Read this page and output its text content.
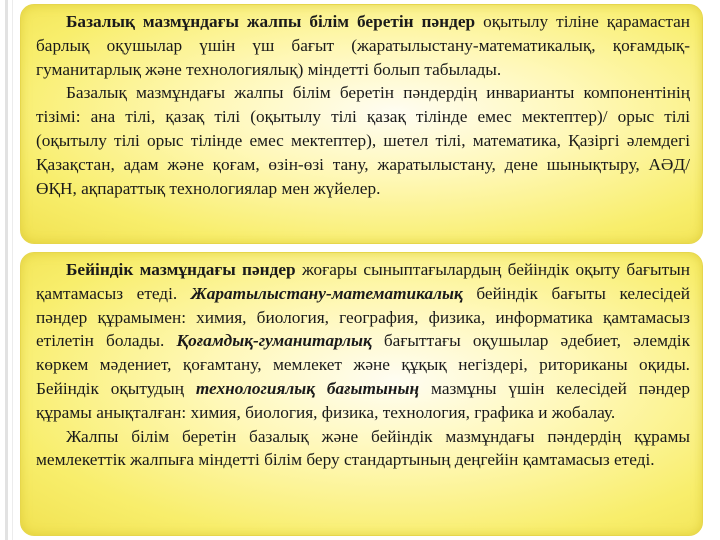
Базалық мазмұндағы жалпы білім беретін пәндер оқытылу тіліне қарамастан барлық оқушылар үшін үш бағыт (жаратылыстану-математикалық, қоғамдық-гуманитарлық және технологиялық) міндетті болып табылады.

Базалық мазмұндағы жалпы білім беретін пәндердің инварианты компонентінің тізімі: ана тілі, қазақ тілі (оқытылу тілі қазақ тілінде емес мектептер)/ орыс тілі (оқытылу тілі орыс тілінде емес мектептер), шетел тілі, математика, Қазіргі әлемдегі Қазақстан, адам және қоғам, өзін-өзі тану, жаратылыстану, дене шынықтыру, АӘД/ӨҚН, ақпараттық технологиялар мен жүйелер.

Бейіндік мазмұндағы пәндер жоғары сыныптағылардың бейіндік оқыту бағытын қамтамасыз етеді. Жаратылыстану-математикалық бейіндік бағыты келесідей пәндер құрамымен: химия, биология, география, физика, информатика қамтамасыз етілетін болады. Қоғамдық-гуманитарлық бағыттағы оқушылар әдебиет, әлемдік көркем мәдениет, қоғамтану, мемлекет және құқық негіздері, риториканы оқиды. Бейіндік оқытудың технологиялық бағытының мазмұны үшін келесідей пәндер құрамы анықталған: химия, биология, физика, технология, графика и жобалау.

Жалпы білім беретін базалық және бейіндік мазмұндағы пәндердің құрамы мемлекеттік жалпыға міндетті білім беру стандартының деңгейін қамтамасыз етеді.
